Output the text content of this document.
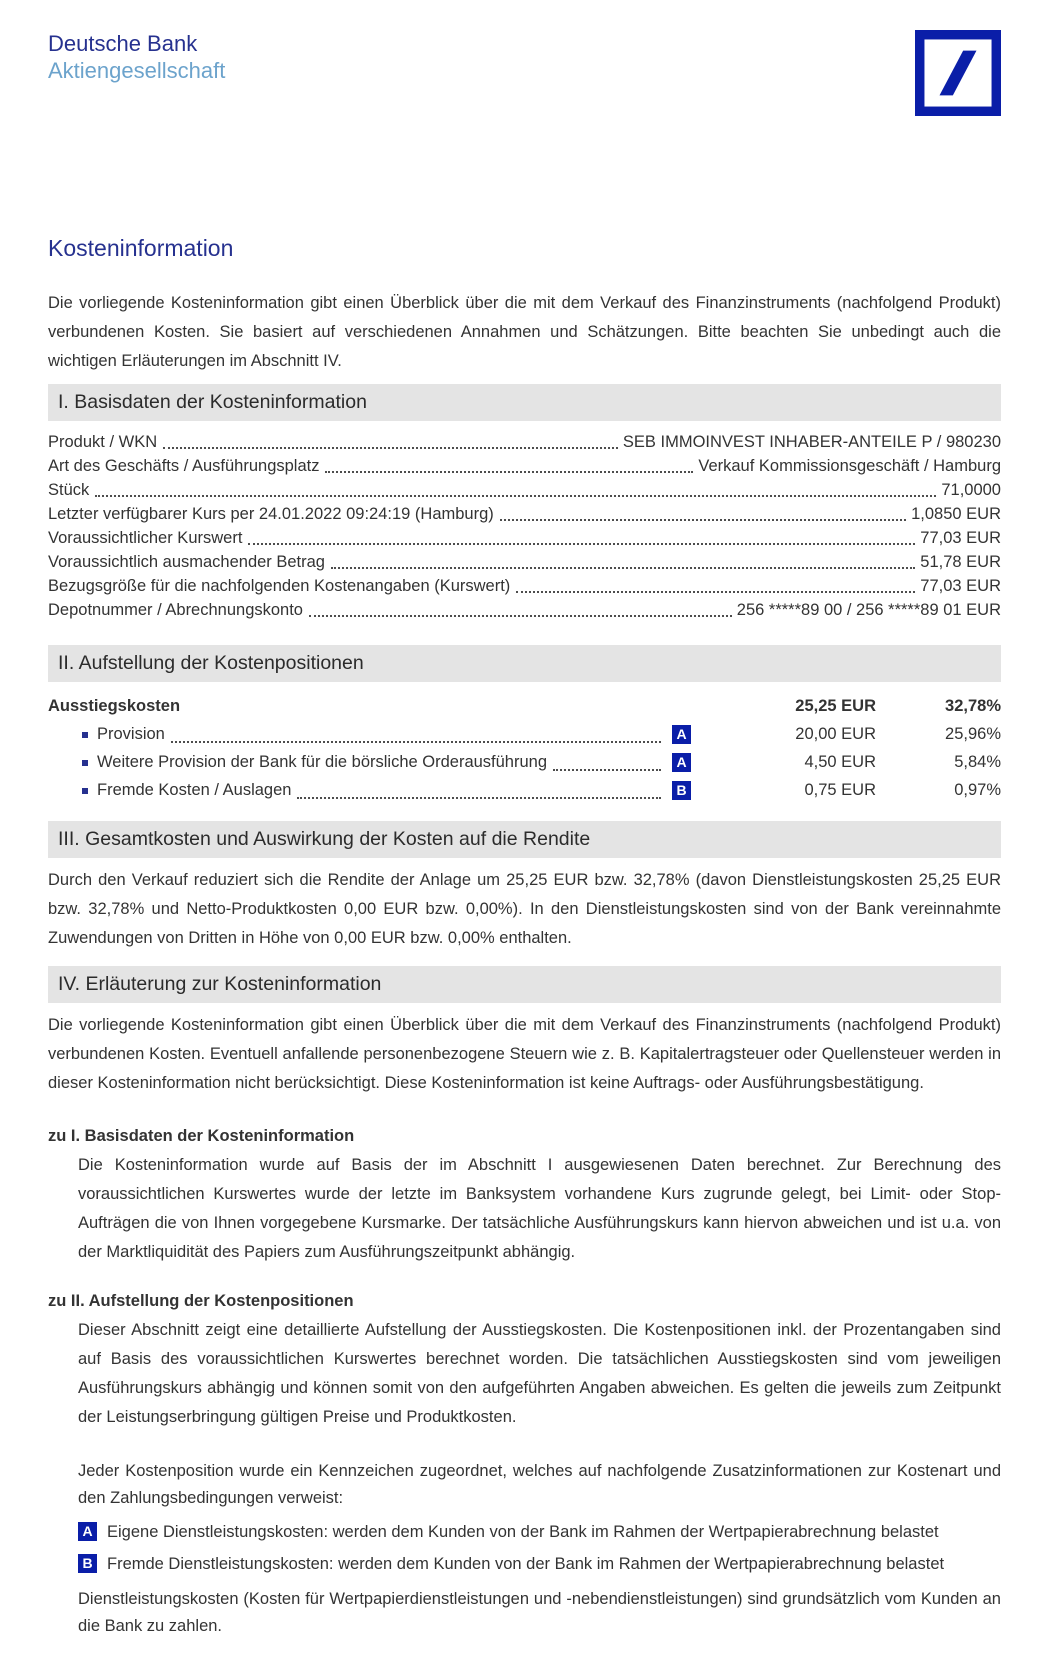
Deutsche Bank
Aktiengesellschaft
Kosteninformation

Die vorliegende Kosteninformation gibt einen Überblick über die mit dem Verkauf des Finanzinstruments (nachfolgend Produkt) verbundenen Kosten. Sie basiert auf verschiedenen Annahmen und Schätzungen. Bitte beachten Sie unbedingt auch die wichtigen Erläuterungen im Abschnitt IV.

I. Basisdaten der Kosteninformation
Produkt / WKN	SEB IMMOINVEST INHABER-ANTEILE P / 980230
Art des Geschäfts / Ausführungsplatz	Verkauf Kommissionsgeschäft / Hamburg
Stück	71,0000
Letzter verfügbarer Kurs per 24.01.2022 09:24:19 (Hamburg)	1,0850 EUR
Voraussichtlicher Kurswert	77,03 EUR
Voraussichtlich ausmachender Betrag	51,78 EUR
Bezugsgröße für die nachfolgenden Kostenangaben (Kurswert)	77,03 EUR
Depotnummer / Abrechnungskonto	256 *****89 00 / 256 *****89 01 EUR
II. Aufstellung der Kostenpositionen
Ausstiegskosten	25,25 EUR	32,78%
Provision	A	20,00 EUR	25,96%
Weitere Provision der Bank für die börsliche Orderausführung	A	4,50 EUR	5,84%
Fremde Kosten / Auslagen	B	0,75 EUR	0,97%
III. Gesamtkosten und Auswirkung der Kosten auf die Rendite

Durch den Verkauf reduziert sich die Rendite der Anlage um 25,25 EUR bzw. 32,78% (davon Dienstleistungskosten 25,25 EUR bzw. 32,78% und Netto-Produktkosten 0,00 EUR bzw. 0,00%). In den Dienstleistungskosten sind von der Bank vereinnahmte Zuwendungen von Dritten in Höhe von 0,00 EUR bzw. 0,00% enthalten.

IV. Erläuterung zur Kosteninformation

Die vorliegende Kosteninformation gibt einen Überblick über die mit dem Verkauf des Finanzinstruments (nachfolgend Produkt) verbundenen Kosten. Eventuell anfallende personenbezogene Steuern wie z. B. Kapitalertragsteuer oder Quellensteuer werden in dieser Kosteninformation nicht berücksichtigt. Diese Kosteninformation ist keine Auftrags- oder Ausführungsbestätigung.

zu I. Basisdaten der Kosteninformation

Die Kosteninformation wurde auf Basis der im Abschnitt I ausgewiesenen Daten berechnet. Zur Berechnung des voraussichtlichen Kurswertes wurde der letzte im Banksystem vorhandene Kurs zugrunde gelegt, bei Limit- oder Stop-Aufträgen die von Ihnen vorgegebene Kursmarke. Der tatsächliche Ausführungskurs kann hiervon abweichen und ist u.a. von der Marktliquidität des Papiers zum Ausführungszeitpunkt abhängig.

zu II. Aufstellung der Kostenpositionen

Dieser Abschnitt zeigt eine detaillierte Aufstellung der Ausstiegskosten. Die Kostenpositionen inkl. der Prozentangaben sind auf Basis des voraussichtlichen Kurswertes berechnet worden. Die tatsächlichen Ausstiegskosten sind vom jeweiligen Ausführungskurs abhängig und können somit von den aufgeführten Angaben abweichen. Es gelten die jeweils zum Zeitpunkt der Leistungserbringung gültigen Preise und Produktkosten.

Jeder Kostenposition wurde ein Kennzeichen zugeordnet, welches auf nachfolgende Zusatzinformationen zur Kostenart und den Zahlungsbedingungen verweist:

A Eigene Dienstleistungskosten: werden dem Kunden von der Bank im Rahmen der Wertpapierabrechnung belastet
B Fremde Dienstleistungskosten: werden dem Kunden von der Bank im Rahmen der Wertpapierabrechnung belastet

Dienstleistungskosten (Kosten für Wertpapierdienstleistungen und -nebendienstleistungen) sind grundsätzlich vom Kunden an die Bank zu zahlen.
